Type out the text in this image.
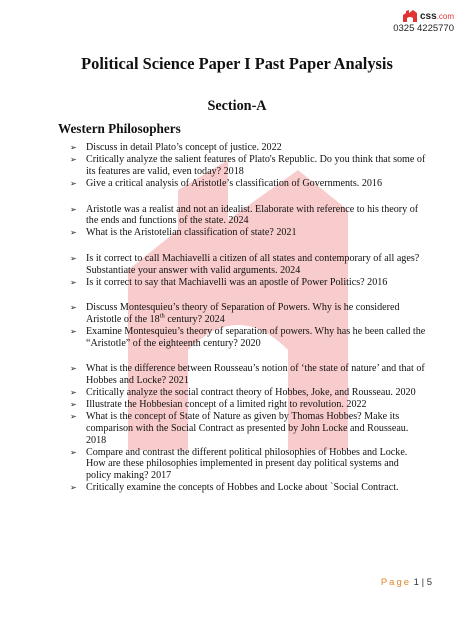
css.com
0325 4225770
Political Science Paper I Past Paper Analysis
Section-A
Western Philosophers
➢ Discuss in detail Plato’s concept of justice. 2022
➢ Critically analyze the salient features of Plato's Republic. Do you think that some of its features are valid, even today? 2018
➢ Give a critical analysis of Aristotle’s classification of Governments. 2016
➢ Aristotle was a realist and not an idealist. Elaborate with reference to his theory of the ends and functions of the state. 2024
➢ What is the Aristotelian classification of state? 2021
➢ Is it correct to call Machiavelli a citizen of all states and contemporary of all ages? Substantiate your answer with valid arguments. 2024
➢ Is it correct to say that Machiavelli was an apostle of Power Politics? 2016
➢ Discuss Montesquieu’s theory of Separation of Powers. Why is he considered Aristotle of the 18th century? 2024
➢ Examine Montesquieu’s theory of separation of powers. Why has he been called the “Aristotle” of the eighteenth century? 2020
➢ What is the difference between Rousseau’s notion of ‘the state of nature’ and that of Hobbes and Locke? 2021
➢ Critically analyze the social contract theory of Hobbes, Joke, and Rousseau. 2020
➢ Illustrate the Hobbesian concept of a limited right to revolution. 2022
➢ What is the concept of State of Nature as given by Thomas Hobbes? Make its comparison with the Social Contract as presented by John Locke and Rousseau. 2018
➢ Compare and contrast the different political philosophies of Hobbes and Locke. How are these philosophies implemented in present day political systems and policy making? 2017
➢ Critically examine the concepts of Hobbes and Locke about `Social Contract.
Page 1 | 5
